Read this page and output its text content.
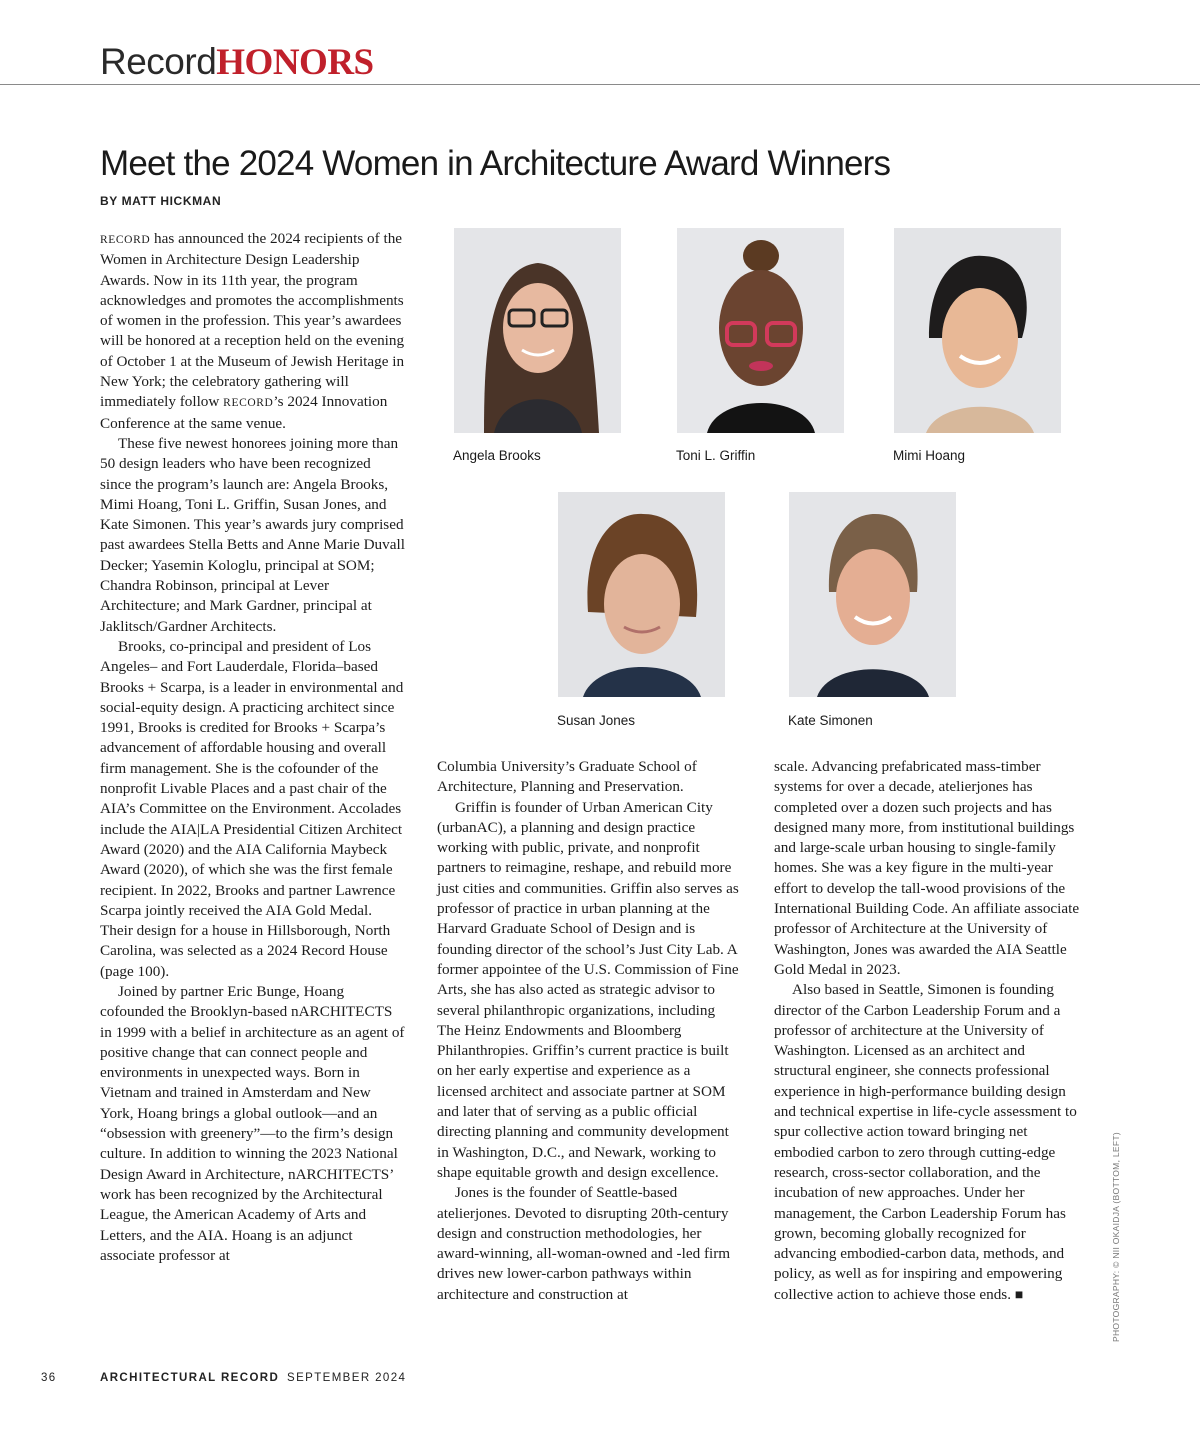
RecordHONORS
Meet the 2024 Women in Architecture Award Winners
BY MATT HICKMAN

RECORD has announced the 2024 recipients of the Women in Architecture Design Leadership Awards. Now in its 11th year, the program acknowledges and promotes the accomplishments of women in the profession. This year’s awardees will be honored at a reception held on the evening of October 1 at the Museum of Jewish Heritage in New York; the celebratory gathering will immediately follow RECORD’s 2024 Innovation Conference at the same venue.

These five newest honorees joining more than 50 design leaders who have been recognized since the program’s launch are: Angela Brooks, Mimi Hoang, Toni L. Griffin, Susan Jones, and Kate Simonen. This year’s awards jury comprised past awardees Stella Betts and Anne Marie Duvall Decker; Yasemin Kologlu, principal at SOM; Chandra Robinson, principal at Lever Architecture; and Mark Gardner, principal at Jaklitsch/Gardner Architects.

Brooks, co-principal and president of Los Angeles– and Fort Lauderdale, Florida–based Brooks + Scarpa, is a leader in environmental and social-equity design. A practicing architect since 1991, Brooks is credited for Brooks + Scarpa’s advancement of affordable housing and overall firm management. She is the cofounder of the nonprofit Livable Places and a past chair of the AIA’s Committee on the Environment. Accolades include the AIA|LA Presidential Citizen Architect Award (2020) and the AIA California Maybeck Award (2020), of which she was the first female recipient. In 2022, Brooks and partner Lawrence Scarpa jointly received the AIA Gold Medal. Their design for a house in Hillsborough, North Carolina, was selected as a 2024 Record House (page 100).

Joined by partner Eric Bunge, Hoang cofounded the Brooklyn-based nARCHITECTS in 1999 with a belief in architecture as an agent of positive change that can connect people and environments in unexpected ways. Born in Vietnam and trained in Amsterdam and New York, Hoang brings a global outlook—and an “obsession with greenery”—to the firm’s design culture. In addition to winning the 2023 National Design Award in Architecture, nARCHITECTS’ work has been recognized by the Architectural League, the American Academy of Arts and Letters, and the AIA. Hoang is an adjunct associate professor at

Angela Brooks	Toni L. Griffin	Mimi Hoang
Susan Jones	Kate Simonen

Columbia University’s Graduate School of Architecture, Planning and Preservation.

Griffin is founder of Urban American City (urbanAC), a planning and design practice working with public, private, and nonprofit partners to reimagine, reshape, and rebuild more just cities and communities. Griffin also serves as professor of practice in urban planning at the Harvard Graduate School of Design and is founding director of the school’s Just City Lab. A former appointee of the U.S. Commission of Fine Arts, she has also acted as strategic advisor to several philanthropic organizations, including The Heinz Endowments and Bloomberg Philanthropies. Griffin’s current practice is built on her early expertise and experience as a licensed architect and associate partner at SOM and later that of serving as a public official directing planning and community development in Washington, D.C., and Newark, working to shape equitable growth and design excellence.

Jones is the founder of Seattle-based atelierjones. Devoted to disrupting 20th-century design and construction methodologies, her award-winning, all-woman-owned and -led firm drives new lower-carbon pathways within architecture and construction at

scale. Advancing prefabricated mass-timber systems for over a decade, atelierjones has completed over a dozen such projects and has designed many more, from institutional buildings and large-scale urban housing to single-family homes. She was a key figure in the multi-year effort to develop the tall-wood provisions of the International Building Code. An affiliate associate professor of Architecture at the University of Washington, Jones was awarded the AIA Seattle Gold Medal in 2023.

Also based in Seattle, Simonen is founding director of the Carbon Leadership Forum and a professor of architecture at the University of Washington. Licensed as an architect and structural engineer, she connects professional experience in high-performance building design and technical expertise in life-cycle assessment to spur collective action toward bringing net embodied carbon to zero through cutting-edge research, cross-sector collaboration, and the incubation of new approaches. Under her management, the Carbon Leadership Forum has grown, becoming globally recognized for advancing embodied-carbon data, methods, and policy, as well as for inspiring and empowering collective action to achieve those ends. ■	PHOTOGRAPHY: © NII OKAIDJA (BOTTOM, LEFT)
36	ARCHITECTURAL RECORD SEPTEMBER 2024
